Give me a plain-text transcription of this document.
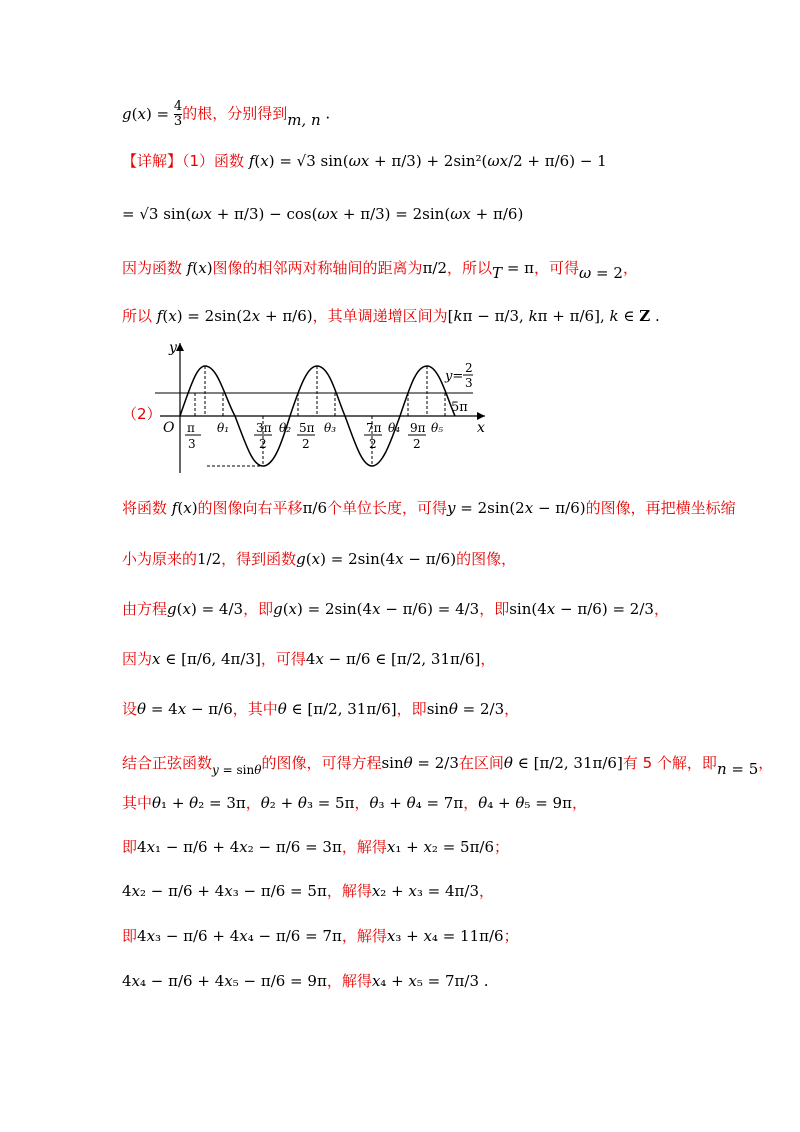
$g(x) = \frac{4}{3}$ 的根，分别得到m, n .
【详解】（1）函数 f(x) = √3 sin(ωx + π/3) + 2sin²(ωx/2 + π/6) − 1
= √3 sin(ωx + π/3) − cos(ωx + π/3) = 2sin(ωx + π/6)
因为函数 f(x)图像的相邻两对称轴间的距离为π/2，所以T = π，可得ω = 2，
所以 f(x) = 2sin(2x + π/6)，其单调递增区间为[kπ − π/3, kπ + π/6], k ∈ Z .
（2）
y
x
O π
3
θ₁ 3π
2
θ₂ 5π
2
θ₃ 7π
2
θ₄ 9π
2
θ₅
5π
y=
2
3
将函数 f(x)的图像向右平移π/6个单位长度，可得y = 2sin(2x − π/6)的图像，再把横坐标缩
小为原来的1/2，得到函数g(x) = 2sin(4x − π/6)的图像，
由方程g(x) = 4/3，即g(x) = 2sin(4x − π/6) = 4/3，即sin(4x − π/6) = 2/3，
因为x ∈ [π/6, 4π/3]，可得4x − π/6 ∈ [π/2, 31π/6]，
设θ = 4x − π/6，其中θ ∈ [π/2, 31π/6]，即sinθ = 2/3，
结合正弦函数$_{y = sin\theta}$的图像，可得方程sinθ = 2/3在区间θ ∈ [π/2, 31π/6]有 5 个解，即n = 5，
其中θ₁ + θ₂ = 3π，θ₂ + θ₃ = 5π，θ₃ + θ₄ = 7π，θ₄ + θ₅ = 9π，
即4x₁ − π/6 + 4x₂ − π/6 = 3π，解得x₁ + x₂ = 5π/6；
4x₂ − π/6 + 4x₃ − π/6 = 5π，解得x₂ + x₃ = 4π/3，
即4x₃ − π/6 + 4x₄ − π/6 = 7π，解得x₃ + x₄ = 11π/6；
4x₄ − π/6 + 4x₅ − π/6 = 9π，解得x₄ + x₅ = 7π/3 .
